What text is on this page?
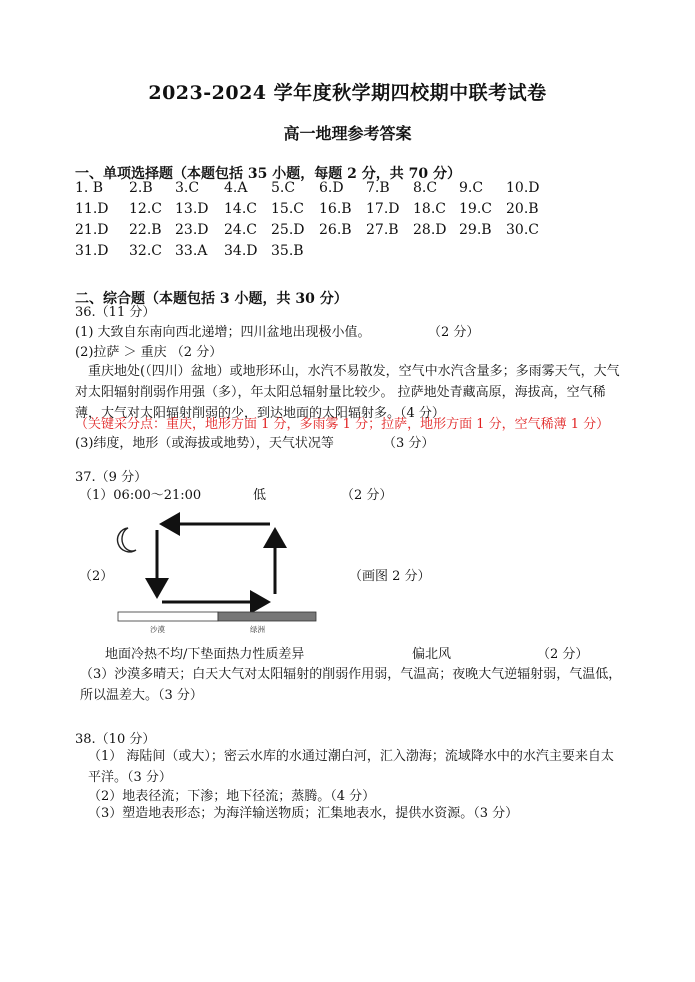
2023-2024 学年度秋学期四校期中联考试卷
高一地理参考答案
一、单项选择题（本题包括 35 小题，每题 2 分，共 70 分）
1. B 2.B 3.C 4.A 5.C 6.D 7.B 8.C 9.C 10.D
11.D 12.C 13.D 14.C 15.C 16.B 17.D 18.C 19.C 20.B
21.D 22.B 23.D 24.C 25.D 26.B 27.B 28.D 29.B 30.C
31.D 32.C 33.A 34.D 35.B
二、综合题（本题包括 3 小题，共 30 分）
36.（11 分）
(1) 大致自东南向西北递增；四川盆地出现极小值。	（2 分）
(2)拉萨 ＞ 重庆 （2 分）
重庆地处(（四川）盆地）或地形环山，水汽不易散发，空气中水汽含量多；多雨雾天气，大气对太阳辐射削弱作用强（多），年太阳总辐射量比较少。 拉萨地处青藏高原，海拔高，空气稀薄，大气对太阳辐射削弱的少，到达地面的太阳辐射多。（4 分）
（关键采分点：重庆，地形方面 1 分，多雨雾 1 分；拉萨，地形方面 1 分，空气稀薄 1 分）
(3)纬度，地形（或海拔或地势），天气状况等	（3 分）
37.（9 分）
（1）06:00～21:00	低	（2 分）
（2）	（画图 2 分）
沙漠	绿洲
地面冷热不均/下垫面热力性质差异	偏北风	（2 分）
（3）沙漠多晴天；白天大气对太阳辐射的削弱作用弱，气温高；夜晚大气逆辐射弱，气温低，所以温差大。（3 分）
38.（10 分）
（1） 海陆间（或大）；密云水库的水通过潮白河，汇入渤海；流域降水中的水汽主要来自太平洋。（3 分）
（2）地表径流；下渗；地下径流；蒸腾。（4 分）
（3）塑造地表形态；为海洋输送物质；汇集地表水，提供水资源。（3 分）
